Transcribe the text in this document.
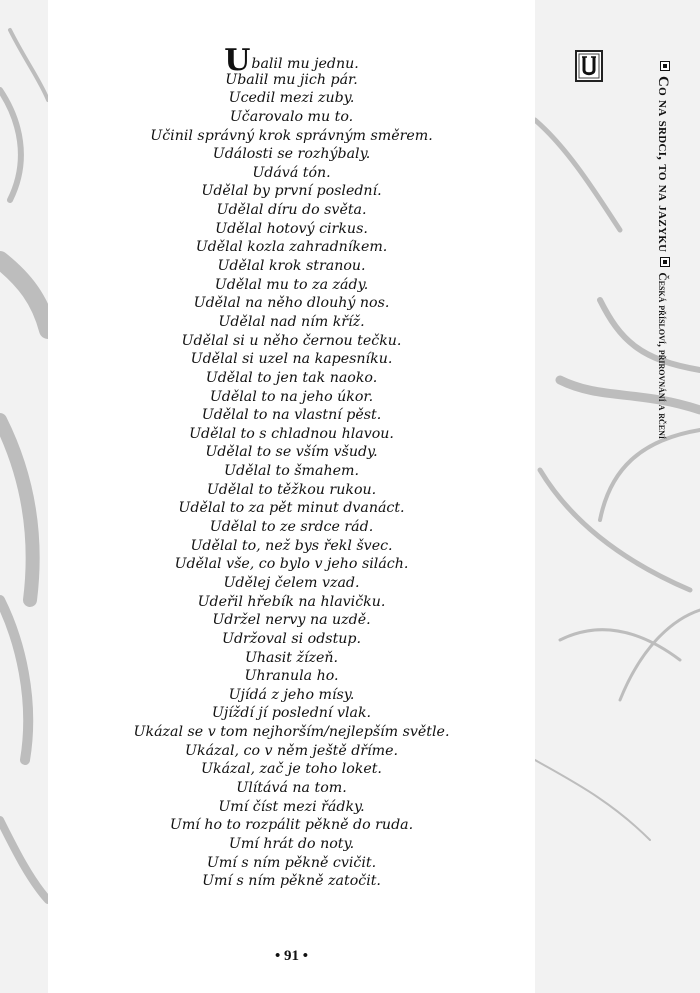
Ubalil mu jednu.
Ubalil mu jich pár.
Ucedil mezi zuby.
Učarovalo mu to.
Učinil správný krok správným směrem.
Události se rozhýbaly.
Udává tón.
Udělal by první poslední.
Udělal díru do světa.
Udělal hotový cirkus.
Udělal kozla zahradníkem.
Udělal krok stranou.
Udělal mu to za zády.
Udělal na něho dlouhý nos.
Udělal nad ním kříž.
Udělal si u něho černou tečku.
Udělal si uzel na kapesníku.
Udělal to jen tak naoko.
Udělal to na jeho úkor.
Udělal to na vlastní pěst.
Udělal to s chladnou hlavou.
Udělal to se vším všudy.
Udělal to šmahem.
Udělal to těžkou rukou.
Udělal to za pět minut dvanáct.
Udělal to ze srdce rád.
Udělal to, než bys řekl švec.
Udělal vše, co bylo v jeho silách.
Udělej čelem vzad.
Udeřil hřebík na hlavičku.
Udržel nervy na uzdě.
Udržoval si odstup.
Uhasit žízeň.
Uhranula ho.
Ujídá z jeho mísy.
Ujíždí jí poslední vlak.
Ukázal se v tom nejhorším/nejlepším světle.
Ukázal, co v něm ještě dříme.
Ukázal, zač je toho loket.
Ulítává na tom.
Umí číst mezi řádky.
Umí ho to rozpálit pěkně do ruda.
Umí hrát do noty.
Umí s ním pěkně cvičit.
Umí s ním pěkně zatočit.
• 91 •
Co na srdci, to na jazykuČeská přísloví, přirovnání a rčení
